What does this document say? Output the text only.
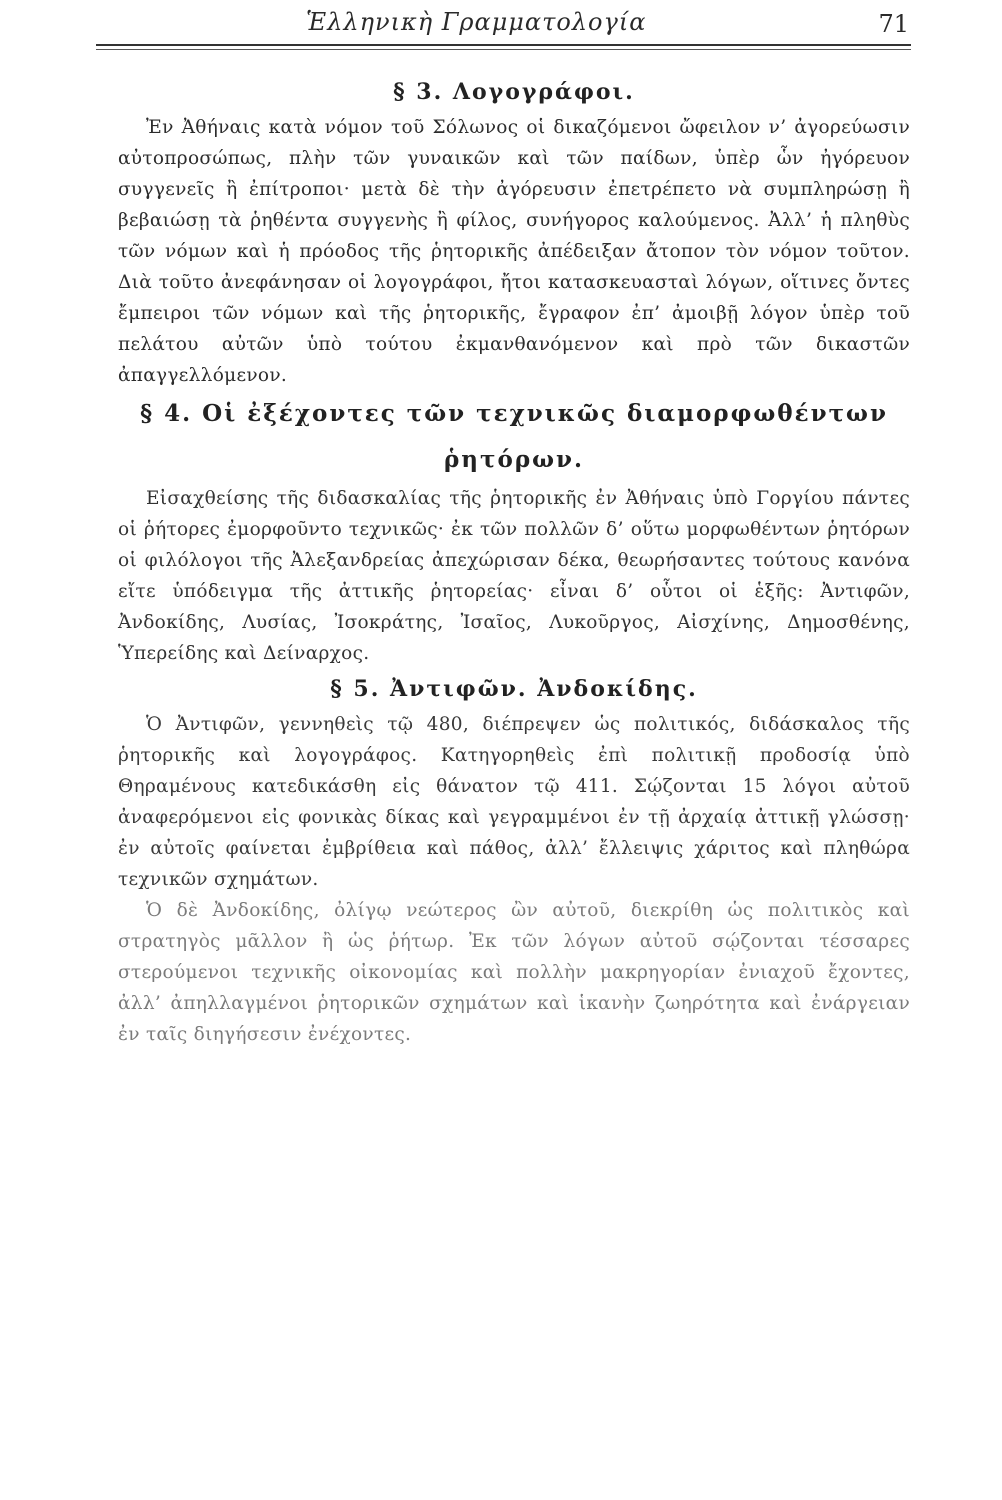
Ἑλληνικὴ Γραμματολογία	71
§ 3. Λογογράφοι.

Ἐν Ἀθήναις κατὰ νόμον τοῦ Σόλωνος οἱ δικαζόμενοι ὤφειλον ν’ ἀγορεύωσιν αὐτοπροσώπως, πλὴν τῶν γυναικῶν καὶ τῶν παίδων, ὑπὲρ ὧν ἠγόρευον συγγενεῖς ἢ ἐπίτροποι· μετὰ δὲ τὴν ἀγόρευσιν ἐπετρέπετο νὰ συμπληρώσῃ ἢ βεβαιώσῃ τὰ ῥηθέντα συγγενὴς ἢ φίλος, συνήγορος καλούμενος. Ἀλλ’ ἡ πληθὺς τῶν νόμων καὶ ἡ πρόοδος τῆς ῥητορικῆς ἀπέδειξαν ἄτοπον τὸν νόμον τοῦτον. Διὰ τοῦτο ἀνεφάνησαν οἱ λογογράφοι, ἤτοι κατασκευασταὶ λόγων, οἵτινες ὄντες ἔμπειροι τῶν νόμων καὶ τῆς ῥητορικῆς, ἔγραφον ἐπ’ ἀμοιβῇ λόγον ὑπὲρ τοῦ πελάτου αὐτῶν ὑπὸ τούτου ἐκμανθανόμενον καὶ πρὸ τῶν δικαστῶν ἀπαγγελλόμενον.

§ 4. Οἱ ἐξέχοντες τῶν τεχνικῶς διαμορφωθέντων ῥητόρων.

Εἰσαχθείσης τῆς διδασκαλίας τῆς ῥητορικῆς ἐν Ἀθήναις ὑπὸ Γοργίου πάντες οἱ ῥήτορες ἐμορφοῦντο τεχνικῶς· ἐκ τῶν πολλῶν δ’ οὕτω μορφωθέντων ῥητόρων οἱ φιλόλογοι τῆς Ἀλεξανδρείας ἀπεχώρισαν δέκα, θεωρήσαντες τούτους κανόνα εἴτε ὑπόδειγμα τῆς ἀττικῆς ῥητορείας· εἶναι δ’ οὗτοι οἱ ἑξῆς: Ἀντιφῶν, Ἀνδοκίδης, Λυσίας, Ἰσοκράτης, Ἰσαῖος, Λυκοῦργος, Αἰσχίνης, Δημοσθένης, Ὑπερείδης καὶ Δείναρχος.

§ 5. Ἀντιφῶν. Ἀνδοκίδης.

Ὁ Ἀντιφῶν, γεννηθεὶς τῷ 480, διέπρεψεν ὡς πολιτικός, διδάσκαλος τῆς ῥητορικῆς καὶ λογογράφος. Κατηγορηθεὶς ἐπὶ πολιτικῇ προδοσίᾳ ὑπὸ Θηραμένους κατεδικάσθη εἰς θάνατον τῷ 411. Σῴζονται 15 λόγοι αὐτοῦ ἀναφερόμενοι εἰς φονικὰς δίκας καὶ γεγραμμένοι ἐν τῇ ἀρχαίᾳ ἀττικῇ γλώσσῃ· ἐν αὐτοῖς φαίνεται ἐμβρίθεια καὶ πάθος, ἀλλ’ ἔλλειψις χάριτος καὶ πληθώρα τεχνικῶν σχημάτων.

Ὁ δὲ Ἀνδοκίδης, ὀλίγῳ νεώτερος ὢν αὐτοῦ, διεκρίθη ὡς πολιτικὸς καὶ στρατηγὸς μᾶλλον ἢ ὡς ῥήτωρ. Ἐκ τῶν λόγων αὐτοῦ σῴζονται τέσσαρες στερούμενοι τεχνικῆς οἰκονομίας καὶ πολλὴν μακρηγορίαν ἐνιαχοῦ ἔχοντες, ἀλλ’ ἀπηλλαγμένοι ῥητορικῶν σχημάτων καὶ ἱκανὴν ζωηρότητα καὶ ἐνάργειαν ἐν ταῖς διηγήσεσιν ἐνέχοντες.
